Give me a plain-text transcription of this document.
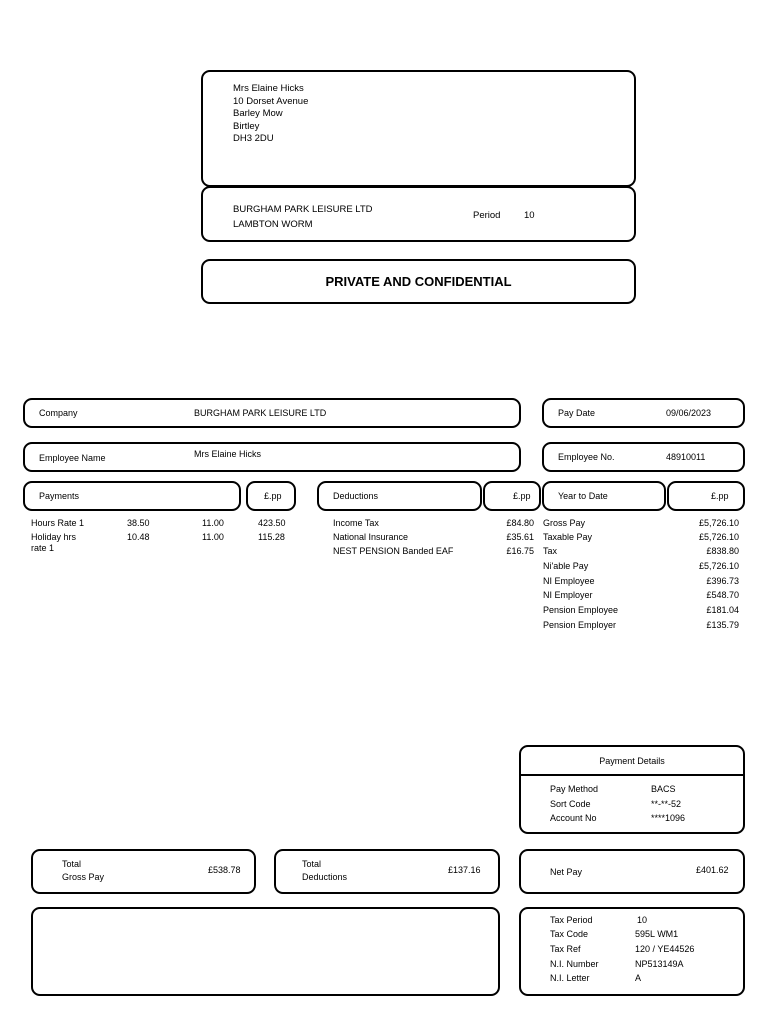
Mrs Elaine Hicks
10 Dorset Avenue
Barley Mow
Birtley
DH3 2DU
BURGHAM PARK LEISURE LTD
LAMBTON WORM
Period 10
PRIVATE AND CONFIDENTIAL
Company	BURGHAM PARK LEISURE LTD	Pay Date	09/06/2023
Employee Name	Mrs Elaine Hicks	Employee No.	48910011
Payments	£.pp	Deductions	£.pp	Year to Date	£.pp
Hours Rate 1	38.50	11.00	423.50
Holiday hrs
rate 1
10.48	11.00	115.28
Income Tax	£84.80
National Insurance	£35.61
NEST PENSION Banded EAF	£16.75
Gross Pay	£5,726.10
Taxable Pay	£5,726.10
Tax	£838.80
Ni'able Pay	£5,726.10
NI Employee	£396.73
NI Employer	£548.70
Pension Employee	£181.04
Pension Employer	£135.79
Payment Details
Pay Method	BACS
Sort Code	**-**-52
Account No	****1096
Total
Gross Pay
£538.78
Total
Deductions
£137.16	Net Pay	£401.62
Tax Period	10
Tax Code	595L WM1
Tax Ref	120 / YE44526
N.I. Number	NP513149A
N.I. Letter	A
